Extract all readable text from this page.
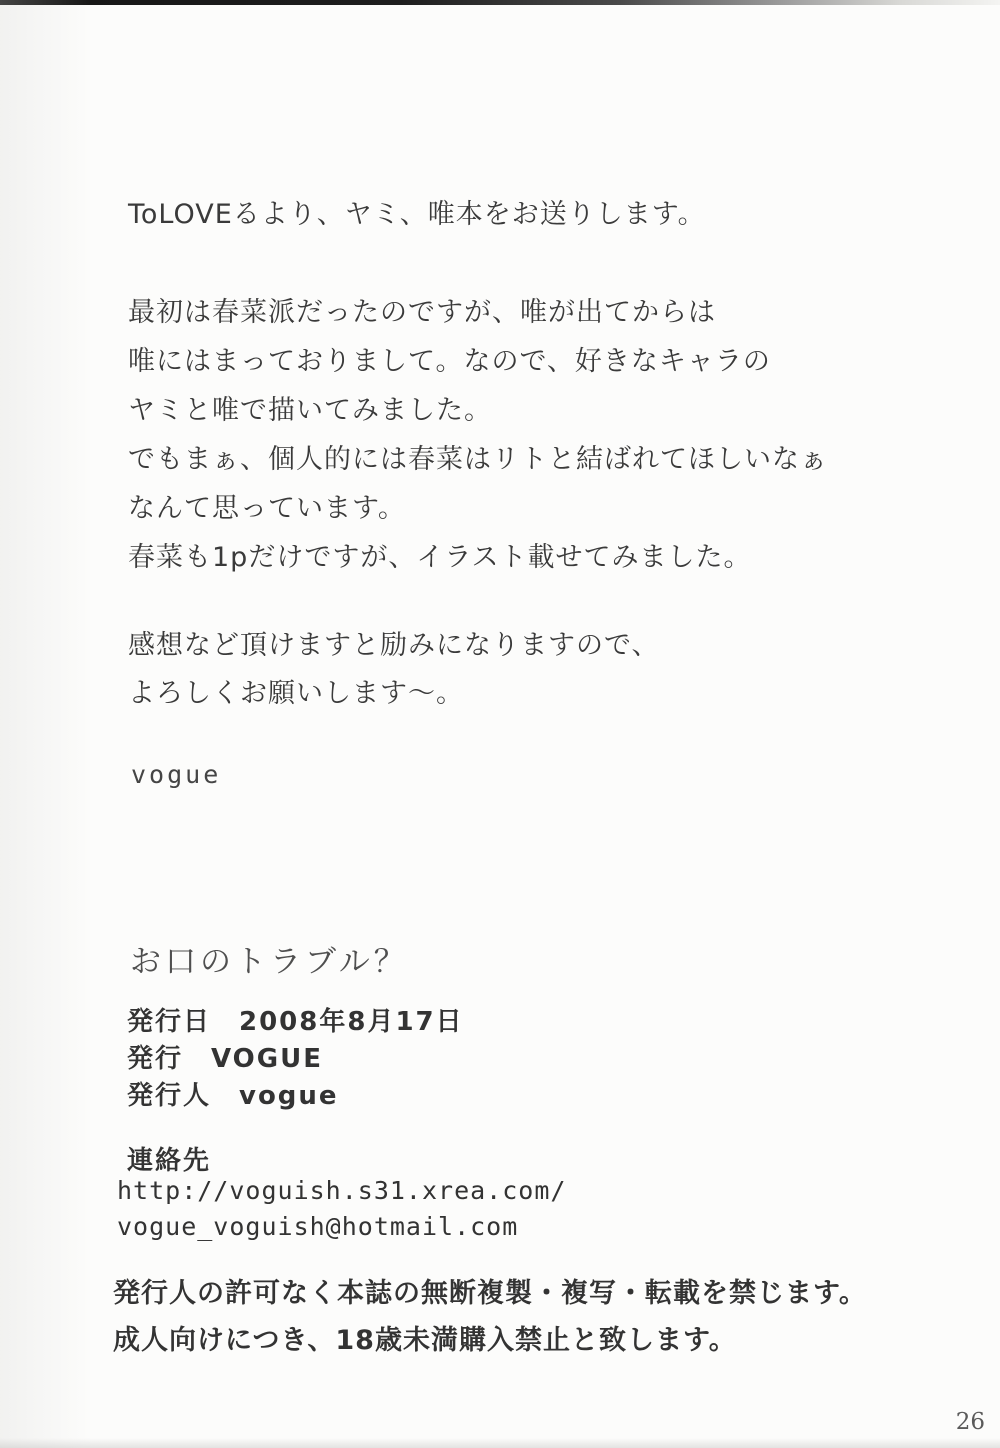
ToLOVEるより、ヤミ、唯本をお送りします。
最初は春菜派だったのですが、唯が出てからは
唯にはまっておりまして。なので、好きなキャラの
ヤミと唯で描いてみました。
でもまぁ、個人的には春菜はリトと結ばれてほしいなぁ
なんて思っています。
春菜も1pだけですが、イラスト載せてみました。
感想など頂けますと励みになりますので、
よろしくお願いします～。
vogue
お口のトラブル？
発行日　2008年8月17日
発行　VOGUE
発行人　vogue
連絡先
http://voguish.s31.xrea.com/
vogue_voguish@hotmail.com
発行人の許可なく本誌の無断複製・複写・転載を禁じます。
成人向けにつき、18歳未満購入禁止と致します。
26
